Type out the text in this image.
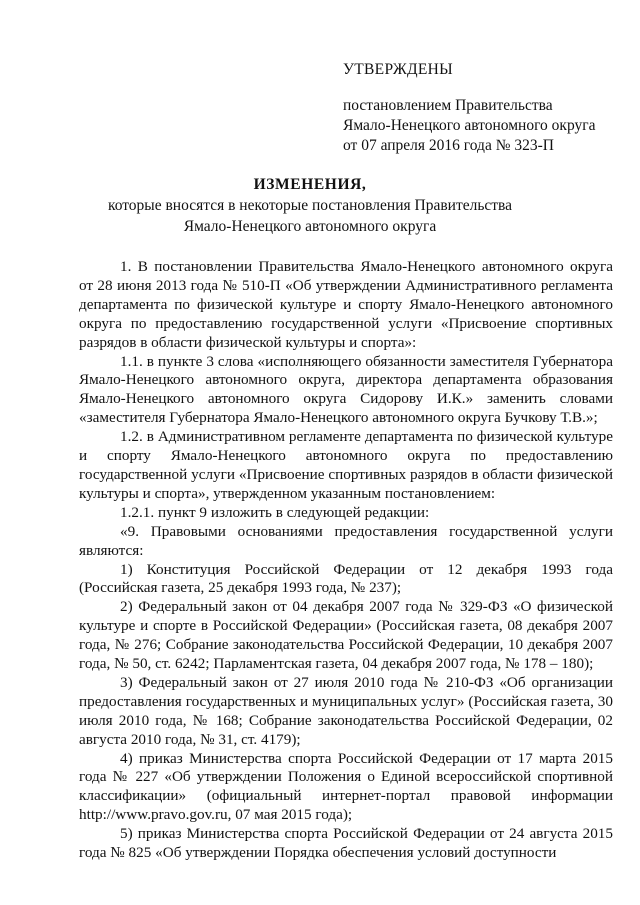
УТВЕРЖДЕНЫ
постановлением Правительства
Ямало-Ненецкого автономного округа
от 07 апреля 2016 года № 323-П
ИЗМЕНЕНИЯ,
которые вносятся в некоторые постановления Правительства
Ямало-Ненецкого автономного округа

1. В постановлении Правительства Ямало-Ненецкого автономного округа от 28 июня 2013 года № 510-П «Об утверждении Административного регламента департамента по физической культуре и спорту Ямало-Ненецкого автономного округа по предоставлению государственной услуги «Присвоение спортивных разрядов в области физической культуры и спорта»:

1.1. в пункте 3 слова «исполняющего обязанности заместителя Губернатора Ямало-Ненецкого автономного округа, директора департамента образования Ямало-Ненецкого автономного округа Сидорову И.К.» заменить словами «заместителя Губернатора Ямало-Ненецкого автономного округа Бучкову Т.В.»;

1.2. в Административном регламенте департамента по физической культуре и спорту Ямало-Ненецкого автономного округа по предоставлению государственной услуги «Присвоение спортивных разрядов в области физической культуры и спорта», утвержденном указанным постановлением:

1.2.1. пункт 9 изложить в следующей редакции:

«9. Правовыми основаниями предоставления государственной услуги являются:

1) Конституция Российской Федерации от 12 декабря 1993 года (Российская газета, 25 декабря 1993 года, № 237);

2) Федеральный закон от 04 декабря 2007 года № 329-ФЗ «О физической культуре и спорте в Российской Федерации» (Российская газета, 08 декабря 2007 года, № 276; Собрание законодательства Российской Федерации, 10 декабря 2007 года, № 50, ст. 6242; Парламентская газета, 04 декабря 2007 года, № 178 – 180);

3) Федеральный закон от 27 июля 2010 года № 210-ФЗ «Об организации предоставления государственных и муниципальных услуг» (Российская газета, 30 июля 2010 года, № 168; Собрание законодательства Российской Федерации, 02 августа 2010 года, № 31, ст. 4179);

4) приказ Министерства спорта Российской Федерации от 17 марта 2015 года № 227 «Об утверждении Положения о Единой всероссийской спортивной классификации» (официальный интернет-портал правовой информации http://www.pravo.gov.ru, 07 мая 2015 года);

5) приказ Министерства спорта Российской Федерации от 24 августа 2015 года № 825 «Об утверждении Порядка обеспечения условий доступности
